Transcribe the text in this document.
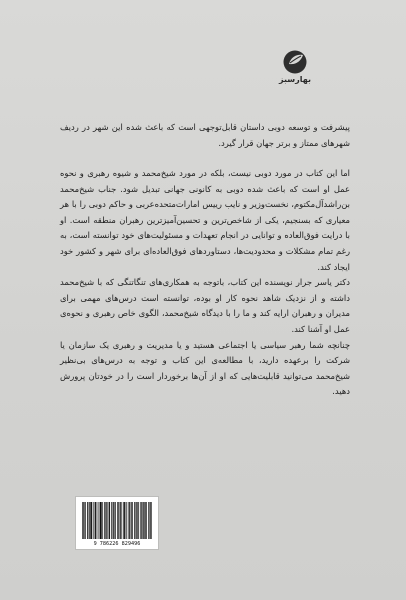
بهارسبز

پیشرفت و توسعه دوبی داستان قابل‌توجهی است که باعث شده این شهر در ردیف شهرهای ممتاز و برتر جهان قرار گیرد.

اما این کتاب در مورد دوبی نیست، بلکه در مورد شیخ‌محمد و شیوه رهبری و نحوه عمل او است که باعث شده دوبی به کانونی جهانی تبدیل شود. جناب شیخ‌محمد بن‌راشدآل‌مکتوم، نخست‌وزیر و نایب رییس امارات‌متحده‌عربی و حاکم دوبی را با هر معیاری که بسنجیم، یکی از شاخص‌ترین و تحسین‌آمیزترین رهبران منطقه است. او با درایت فوق‌العاده و توانایی در انجام تعهدات و مسئولیت‌های خود توانسته است، به رغم تمام مشکلات و محدودیت‌ها، دستاوردهای فوق‌العاده‌ای برای شهر و کشور خود ایجاد کند.

دکتر یاسر جرار نویسنده این کتاب، باتوجه به همکاری‌های تنگاتنگی که با شیخ‌محمد داشته و از نزدیک شاهد نحوه کار او بوده، توانسته است درس‌های مهمی برای مدیران و رهبران ارایه کند و ما را با دیدگاه شیخ‌محمد، الگوی خاص رهبری و نحوه‌ی عمل او آشنا کند.

چنانچه شما رهبر سیاسی یا اجتماعی هستید و یا مدیریت و رهبری یک سازمان یا شرکت را برعهده دارید، با مطالعه‌ی این کتاب و توجه به درس‌های بی‌نظیر شیخ‌محمد می‌توانید قابلیت‌هایی که او از آن‌ها برخوردار است را در خودتان پرورش دهید.

9 786226 829496
